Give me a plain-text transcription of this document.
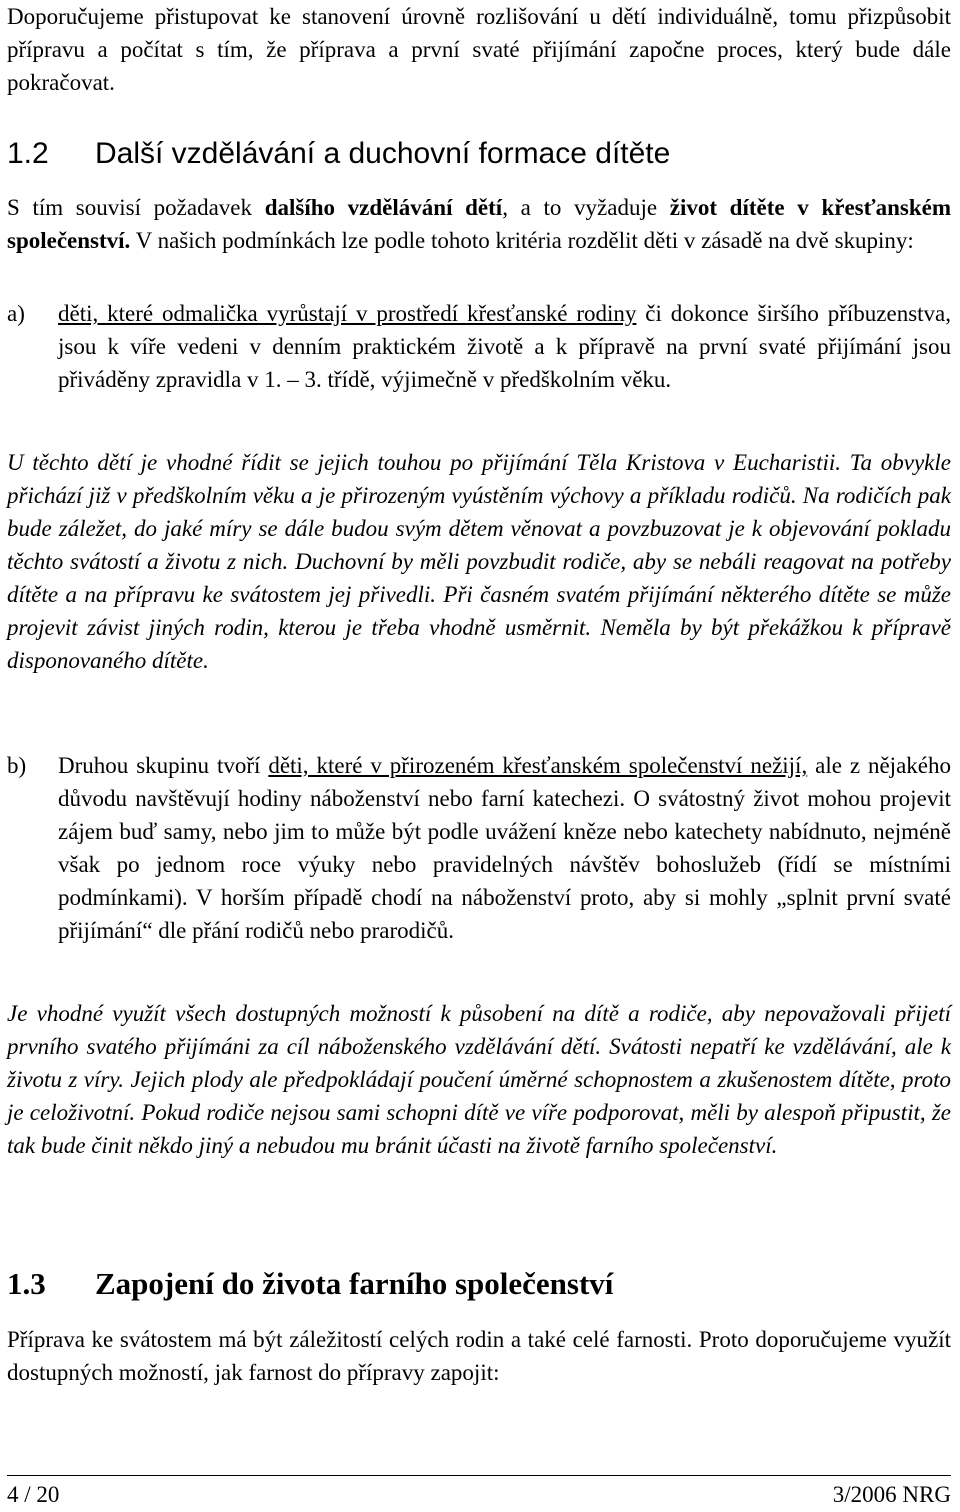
Doporučujeme přistupovat ke stanovení úrovně rozlišování u dětí individuálně, tomu přizpůsobit přípravu a počítat s tím, že příprava a první svaté přijímání započne proces, který bude dále pokračovat.

1.2 Další vzdělávání a duchovní formace dítěte

S tím souvisí požadavek dalšího vzdělávání dětí, a to vyžaduje život dítěte v křesťanském společenství. V našich podmínkách lze podle tohoto kritéria rozdělit děti v zásadě na dvě skupiny:

a)	děti, které odmalička vyrůstají v prostředí křesťanské rodiny či dokonce širšího příbuzenstva, jsou k víře vedeni v denním praktickém životě a k přípravě na první svaté přijímání jsou přiváděny zpravidla v 1. – 3. třídě, výjimečně v předškolním věku.

U těchto dětí je vhodné řídit se jejich touhou po přijímání Těla Kristova v Eucharistii. Ta obvykle přichází již v předškolním věku a je přirozeným vyústěním výchovy a příkladu rodičů. Na rodičích pak bude záležet, do jaké míry se dále budou svým dětem věnovat a povzbuzovat je k objevování pokladu těchto svátostí a životu z nich. Duchovní by měli povzbudit rodiče, aby se nebáli reagovat na potřeby dítěte a na přípravu ke svátostem jej přivedli. Při časném svatém přijímání některého dítěte se může projevit závist jiných rodin, kterou je třeba vhodně usměrnit. Neměla by být překážkou k přípravě disponovaného dítěte.

b)	Druhou skupinu tvoří děti, které v přirozeném křesťanském společenství nežijí, ale z nějakého důvodu navštěvují hodiny náboženství nebo farní katechezi. O svátostný život mohou projevit zájem buď samy, nebo jim to může být podle uvážení kněze nebo katechety nabídnuto, nejméně však po jednom roce výuky nebo pravidelných návštěv bohoslužeb (řídí se místními podmínkami). V horším případě chodí na náboženství proto, aby si mohly „splnit první svaté přijímání“ dle přání rodičů nebo prarodičů.

Je vhodné využít všech dostupných možností k působení na dítě a rodiče, aby nepovažovali přijetí prvního svatého přijímáni za cíl náboženského vzdělávání dětí. Svátosti nepatří ke vzdělávání, ale k životu z víry. Jejich plody ale předpokládají poučení úměrné schopnostem a zkušenostem dítěte, proto je celoživotní. Pokud rodiče nejsou sami schopni dítě ve víře podporovat, měli by alespoň připustit, že tak bude činit někdo jiný a nebudou mu bránit účasti na životě farního společenství.

1.3 Zapojení do života farního společenství

Příprava ke svátostem má být záležitostí celých rodin a také celé farnosti. Proto doporučujeme využít dostupných možností, jak farnost do přípravy zapojit:

4 / 20	3/2006 NRG
